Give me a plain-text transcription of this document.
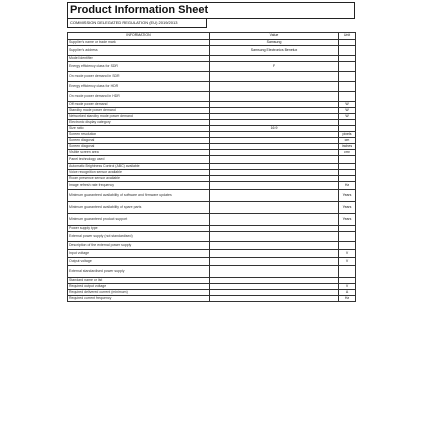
Product Information Sheet
COMMISSION DELEGATED REGULATION (EU) 2019/2013
INFORMATION	Value	Unit
Supplier's name or trade mark	Samsung	
Supplier's address	Samsung Electronics Benelux	
Model identifier		
Energy efficiency class for SDR	F	
On mode power demand in SDR		
Energy efficiency class for HDR		
On mode power demand in HDR		
Off mode power demand		W
Standby mode power demand		W
Networked standby mode power demand		W
Electronic display category		
Size ratio	16:9	
Screen resolution		pixels
Screen diagonal		cm
Screen diagonal		inches
Visible screen area		cm²
Panel technology used		
Automatic Brightness Control (ABC) available		
Voice recognition sensor available		
Room presence sensor available		
Image refresh rate frequency		Hz
Minimum guaranteed availability of software and firmware updates		Years
Minimum guaranteed availability of spare parts		Years
Minimum guaranteed product support		Years
Power supply type		
External power supply (not standardised)		
Description of the external power supply		
Input voltage		V
Output voltage		V
External standardised power supply		
Standard name or list		
Required output voltage		V
Required delivered current (minimum)		A
Required current frequency		Hz
